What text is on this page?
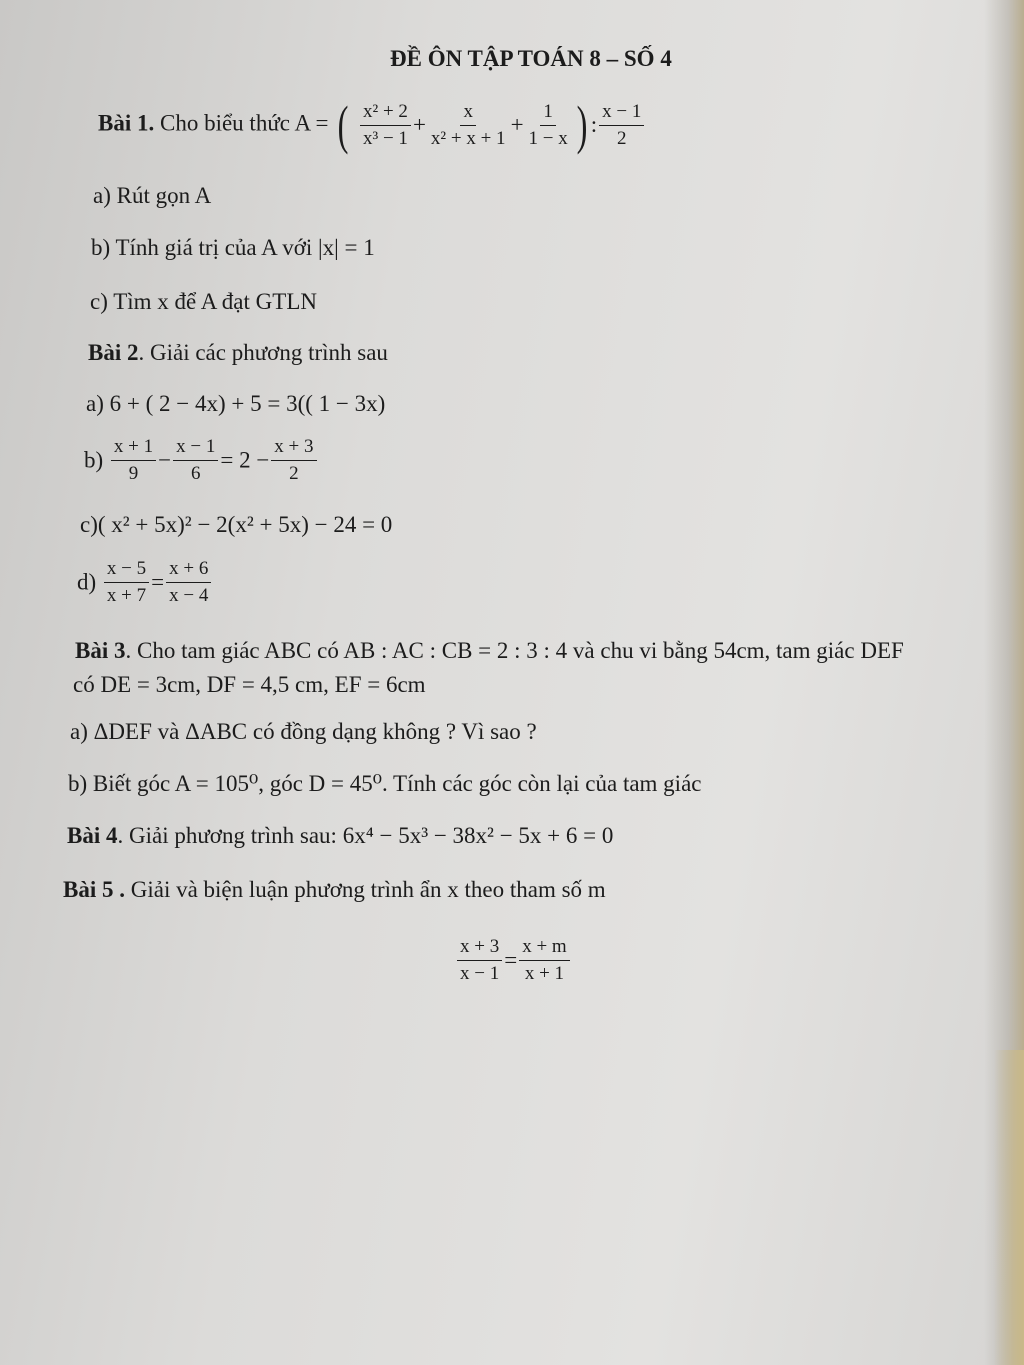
ĐỀ ÔN TẬP TOÁN 8 – SỐ 4
Bài 1. Cho biểu thức A = ( $\frac{\text{x² + 2}}{\text{x³ − 1}} + \frac{x}{\text{x² + x + 1}} + \frac{1}{1 - x}$ ) : $\frac{x - 1}{2}$
a) Rút gọn A
b) Tính giá trị của A với |x| = 1
c) Tìm x để A đạt GTLN
Bài 2. Giải các phương trình sau
a) 6 + ( 2 − 4x) + 5 = 3(( 1 − 3x)
$b) \frac{x + 1}{9} - \frac{x - 1}{6} = 2 - \frac{x + 3}{2}$
c)( x² + 5x)² − 2(x² + 5x) − 24 = 0
$d) \frac{x - 5}{x + 7} = \frac{x + 6}{x - 4}$
Bài 3. Cho tam giác ABC có AB : AC : CB = 2 : 3 : 4 và chu vi bằng 54cm, tam giác DEF
có DE = 3cm, DF = 4,5 cm, EF = 6cm
a) ΔDEF và ΔABC có đồng dạng không ? Vì sao ?
b) Biết góc A = 105⁰, góc D = 45⁰. Tính các góc còn lại của tam giác
Bài 4. Giải phương trình sau: 6x⁴ − 5x³ − 38x² − 5x + 6 = 0
Bài 5 . Giải và biện luận phương trình ẩn x theo tham số m
$\frac{x + 3}{x - 1} = \frac{x + m}{x + 1}$
